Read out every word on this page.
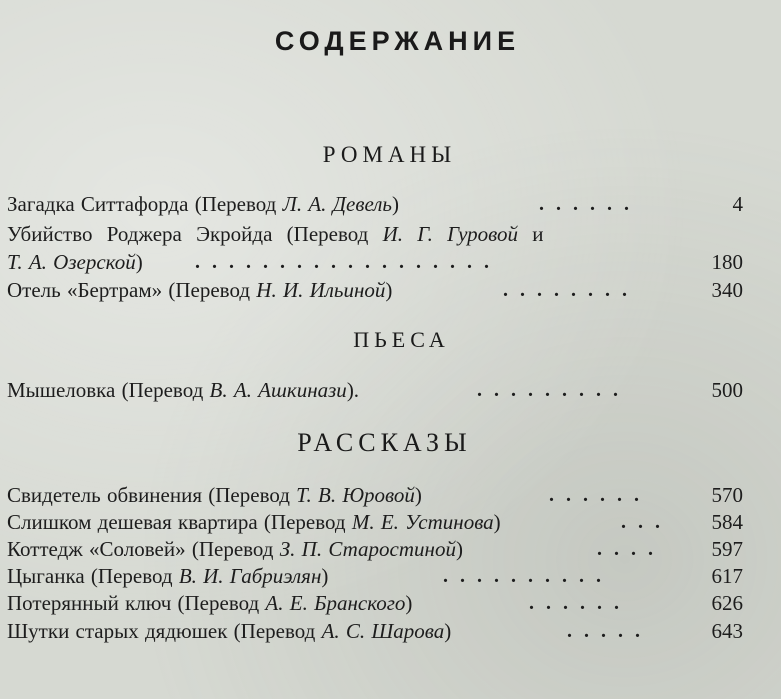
СОДЕРЖАНИЕ
РОМАНЫ
Загадка Ситтафорда (Перевод Л. А. Девель)	......	4
Убийство Роджера Экройда (Перевод И. Г. Гуровой и
Т. А. Озерской)	..................	180
Отель «Бертрам» (Перевод Н. И. Ильиной)	........	340
ПЬЕСА
Мышеловка (Перевод В. А. Ашкинази).	.........	500
РАССКАЗЫ
Свидетель обвинения (Перевод Т. В. Юровой)	......	570
Слишком дешевая квартира (Перевод М. Е. Устинова)	... 584
Коттедж «Соловей» (Перевод З. П. Старостиной)	.... 597
Цыганка (Перевод В. И. Габриэлян)	..........	617
Потерянный ключ (Перевод А. Е. Бранского)	......	626
Шутки старых дядюшек (Перевод А. С. Шарова)	.....	643
